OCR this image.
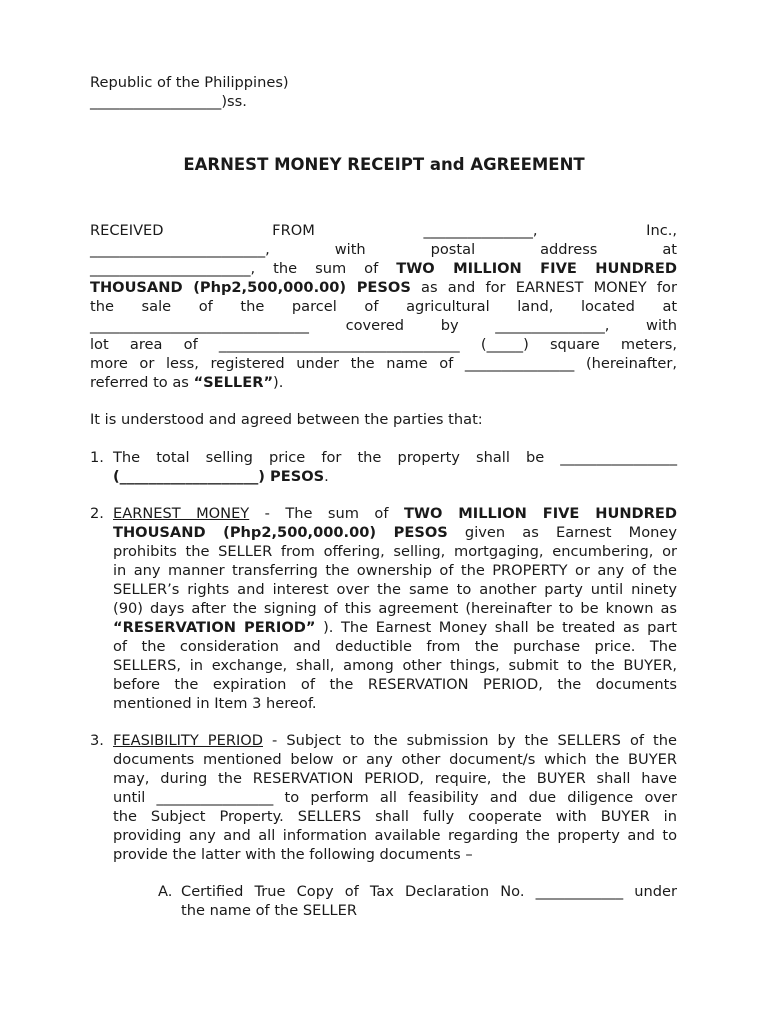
Republic of the Philippines)
__________________)ss.
EARNEST MONEY RECEIPT and AGREEMENT
RECEIVED	FROM	_______________,	Inc.,
________________________,	with	postal	address	at
______________________, the sum of TWO MILLION FIVE HUNDRED
THOUSAND (Php2,500,000.00) PESOS as and for EARNEST MONEY for
the sale of the parcel of agricultural land, located at
______________________________ covered by _______________, with
lot area of _________________________________ (_____) square meters,
more or less, registered under the name of _______________ (hereinafter,
referred to as “SELLER”).
It is understood and agreed between the parties that:
1. The total selling price for the property shall be ________________
(___________________) PESOS.
2. EARNEST MONEY - The sum of TWO MILLION FIVE HUNDRED
THOUSAND (Php2,500,000.00) PESOS given as Earnest Money
prohibits the SELLER from offering, selling, mortgaging, encumbering, or
in any manner transferring the ownership of the PROPERTY or any of the
SELLER’s rights and interest over the same to another party until ninety
(90) days after the signing of this agreement (hereinafter to be known as
“RESERVATION PERIOD” ). The Earnest Money shall be treated as part
of the consideration and deductible from the purchase price. The
SELLERS, in exchange, shall, among other things, submit to the BUYER,
before the expiration of the RESERVATION PERIOD, the documents
mentioned in Item 3 hereof.
3. FEASIBILITY PERIOD - Subject to the submission by the SELLERS of the
documents mentioned below or any other document/s which the BUYER
may, during the RESERVATION PERIOD, require, the BUYER shall have
until ________________ to perform all feasibility and due diligence over
the Subject Property. SELLERS shall fully cooperate with BUYER in
providing any and all information available regarding the property and to
provide the latter with the following documents –
A. Certified True Copy of Tax Declaration No. ____________ under
the name of the SELLER
